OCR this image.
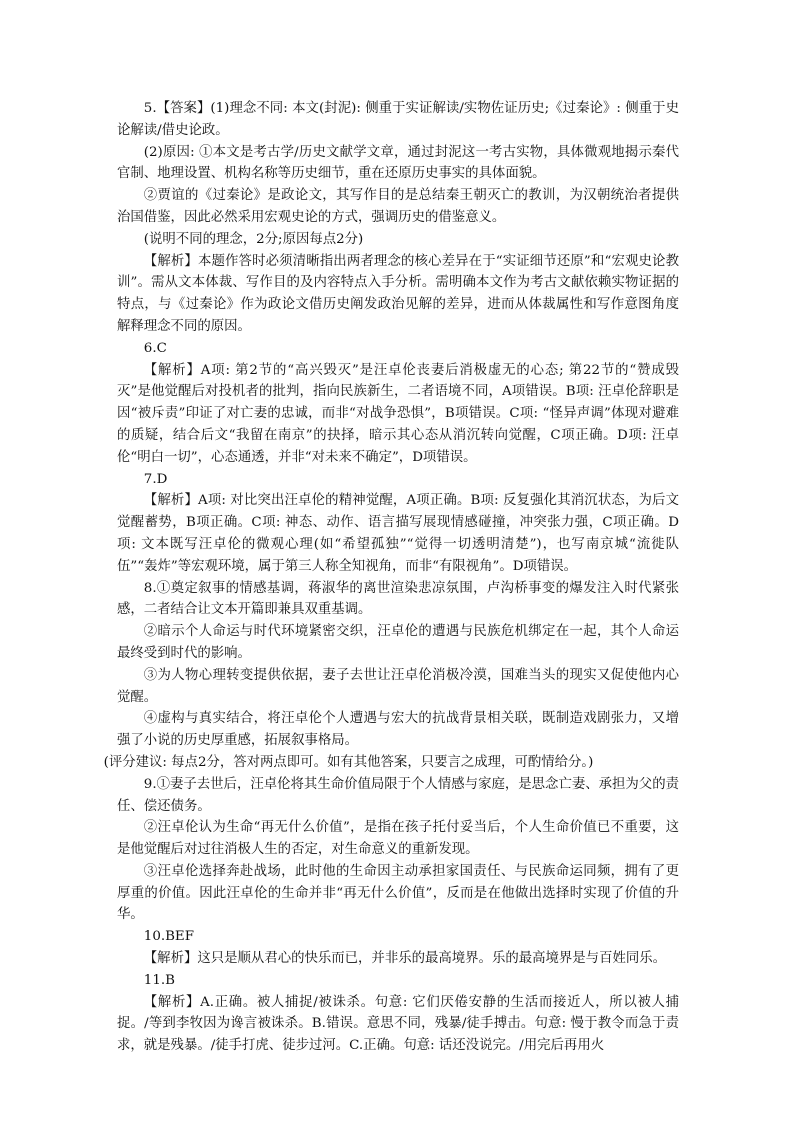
5.【答案】(1)理念不同: 本文(封泥): 侧重于实证解读/实物佐证历史;《过秦论》: 侧重于史论解读/借史论政。

(2)原因: ①本文是考古学/历史文献学文章，通过封泥这一考古实物，具体微观地揭示秦代官制、地理设置、机构名称等历史细节，重在还原历史事实的具体面貌。

②贾谊的《过秦论》是政论文，其写作目的是总结秦王朝灭亡的教训，为汉朝统治者提供治国借鉴，因此必然采用宏观史论的方式，强调历史的借鉴意义。

(说明不同的理念，2分;原因每点2分)

【解析】本题作答时必须清晰指出两者理念的核心差异在于“实证细节还原”和“宏观史论教训”。需从文本体裁、写作目的及内容特点入手分析。需明确本文作为考古文献依赖实物证据的特点，与《过秦论》作为政论文借历史阐发政治见解的差异，进而从体裁属性和写作意图角度解释理念不同的原因。

6.C

【解析】A项: 第2节的“高兴毁灭”是汪卓伦丧妻后消极虚无的心态; 第22节的“赞成毁灭”是他觉醒后对投机者的批判，指向民族新生，二者语境不同，A项错误。B项: 汪卓伦辞职是因“被斥责”印证了对亡妻的忠诚，而非“对战争恐惧”，B项错误。C项: “怪异声调”体现对避难的质疑，结合后文“我留在南京”的抉择，暗示其心态从消沉转向觉醒，C项正确。D项: 汪卓伦“明白一切”，心态通透，并非“对未来不确定”，D项错误。

7.D

【解析】A项: 对比突出汪卓伦的精神觉醒，A项正确。B项: 反复强化其消沉状态，为后文觉醒蓄势，B项正确。C项: 神态、动作、语言描写展现情感碰撞，冲突张力强，C项正确。D项: 文本既写汪卓伦的微观心理(如“希望孤独”“觉得一切透明清楚”)，也写南京城“流徙队伍”“轰炸”等宏观环境，属于第三人称全知视角，而非“有限视角”。D项错误。

8.①奠定叙事的情感基调，蒋淑华的离世渲染悲凉氛围，卢沟桥事变的爆发注入时代紧张感，二者结合让文本开篇即兼具双重基调。

②暗示个人命运与时代环境紧密交织，汪卓伦的遭遇与民族危机绑定在一起，其个人命运最终受到时代的影响。

③为人物心理转变提供依据，妻子去世让汪卓伦消极冷漠，国难当头的现实又促使他内心觉醒。

④虚构与真实结合，将汪卓伦个人遭遇与宏大的抗战背景相关联，既制造戏剧张力，又增强了小说的历史厚重感，拓展叙事格局。

(评分建议: 每点2分，答对两点即可。如有其他答案，只要言之成理，可酌情给分。)

9.①妻子去世后，汪卓伦将其生命价值局限于个人情感与家庭，是思念亡妻、承担为父的责任、偿还债务。

②汪卓伦认为生命“再无什么价值”，是指在孩子托付妥当后，个人生命价值已不重要，这是他觉醒后对过往消极人生的否定，对生命意义的重新发现。

③汪卓伦选择奔赴战场，此时他的生命因主动承担家国责任、与民族命运同频，拥有了更厚重的价值。因此汪卓伦的生命并非“再无什么价值”，反而是在他做出选择时实现了价值的升华。

10.BEF

【解析】这只是顺从君心的快乐而已，并非乐的最高境界。乐的最高境界是与百姓同乐。

11.B

【解析】A.正确。被人捕捉/被诛杀。句意: 它们厌倦安静的生活而接近人，所以被人捕捉。/等到李牧因为谗言被诛杀。B.错误。意思不同，残暴/徒手搏击。句意: 慢于教令而急于责求，就是残暴。/徒手打虎、徒步过河。C.正确。句意: 话还没说完。/用完后再用火
